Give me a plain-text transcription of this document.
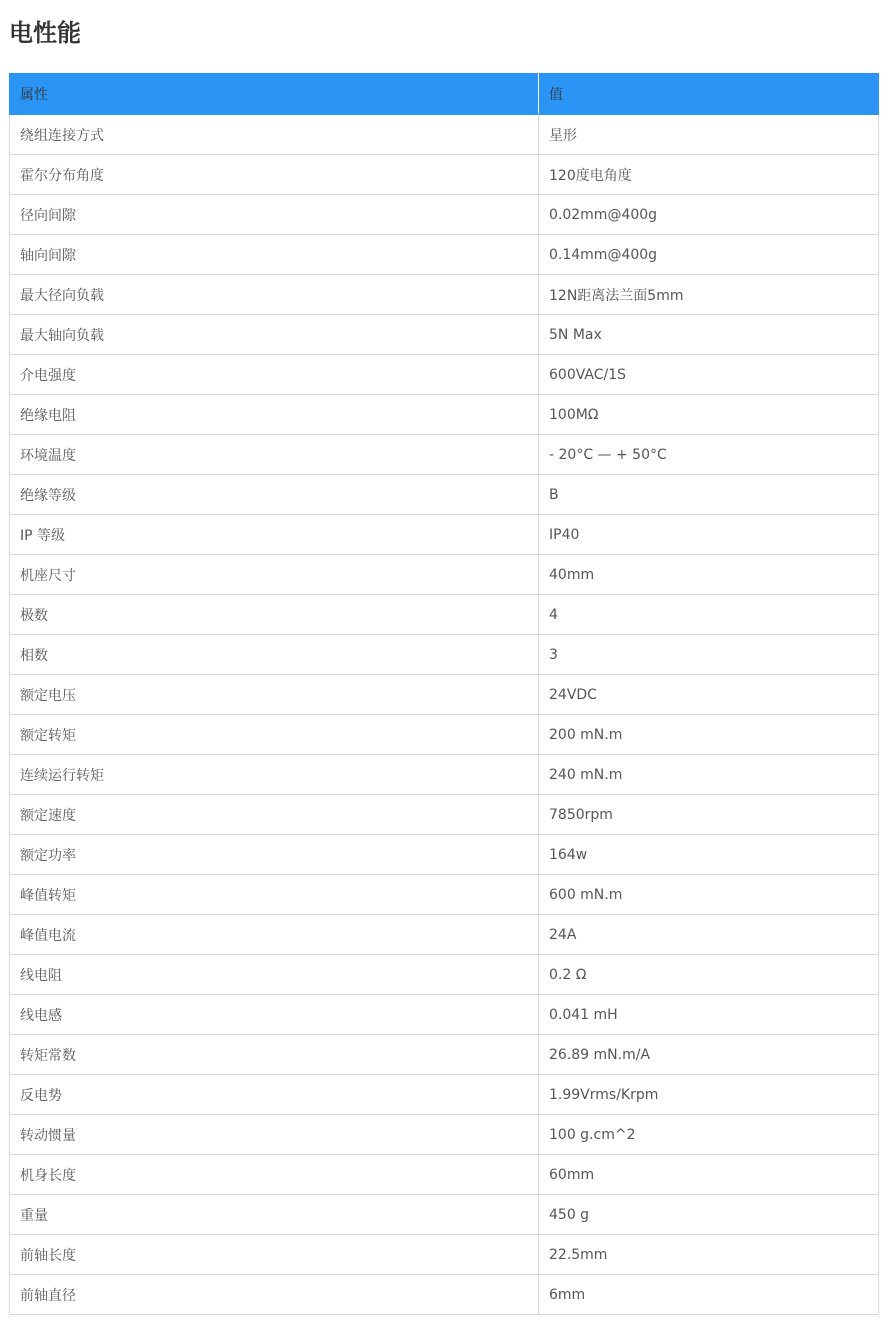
电性能
属性	值
绕组连接方式	星形
霍尔分布角度	120度电角度
径向间隙	0.02mm@400g
轴向间隙	0.14mm@400g
最大径向负载	12N距离法兰面5mm
最大轴向负载	5N Max
介电强度	600VAC/1S
绝缘电阻	100MΩ
环境温度	- 20°C — + 50°C
绝缘等级	B
IP 等级	IP40
机座尺寸	40mm
极数	4
相数	3
额定电压	24VDC
额定转矩	200 mN.m
连续运行转矩	240 mN.m
额定速度	7850rpm
额定功率	164w
峰值转矩	600 mN.m
峰值电流	24A
线电阻	0.2 Ω
线电感	0.041 mH
转矩常数	26.89 mN.m/A
反电势	1.99Vrms/Krpm
转动惯量	100 g.cm^2
机身长度	60mm
重量	450 g
前轴长度	22.5mm
前轴直径	6mm
